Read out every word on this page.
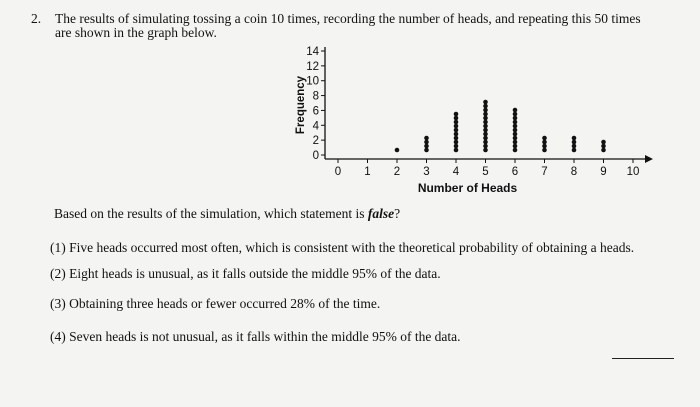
2. The results of simulating tossing a coin 10 times, recording the number of heads, and repeating this 50 times
are shown in the graph below.
0
2
4
6
8
10
12
14
0 1 2 3 4 5 6 7 8 9 10
Number of Heads
Frequency
Based on the results of the simulation, which statement is false?
(1) Five heads occurred most often, which is consistent with the theoretical probability of obtaining a heads.
(2) Eight heads is unusual, as it falls outside the middle 95% of the data.
(3) Obtaining three heads or fewer occurred 28% of the time.
(4) Seven heads is not unusual, as it falls within the middle 95% of the data.
